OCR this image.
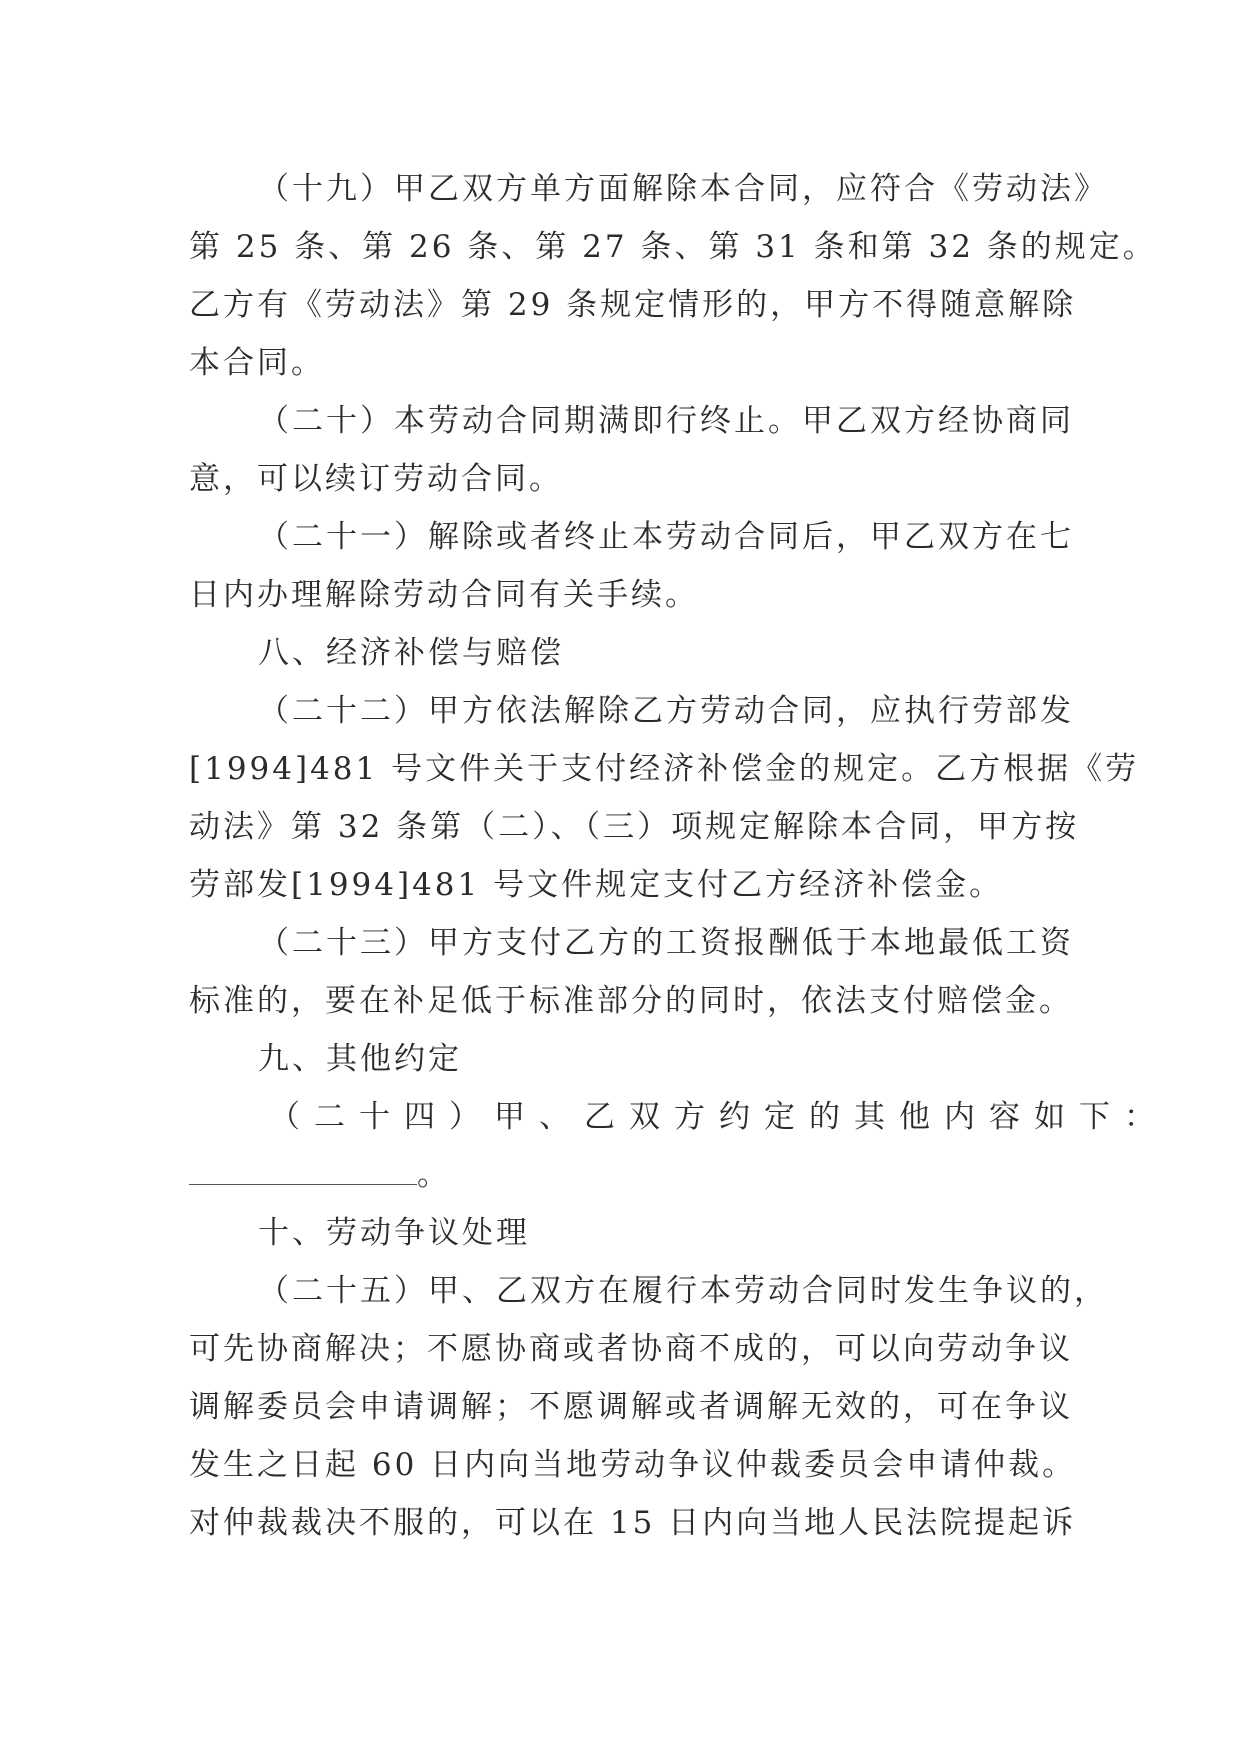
（十九）甲乙双方单方面解除本合同，应符合《劳动法》
第 25 条、第 26 条、第 27 条、第 31 条和第 32 条的规定。
乙方有《劳动法》第 29 条规定情形的，甲方不得随意解除
本合同。
（二十）本劳动合同期满即行终止。甲乙双方经协商同
意，可以续订劳动合同。
（二十一）解除或者终止本劳动合同后，甲乙双方在七
日内办理解除劳动合同有关手续。
八、经济补偿与赔偿
（二十二）甲方依法解除乙方劳动合同，应执行劳部发
[1994]481 号文件关于支付经济补偿金的规定。乙方根据《劳
动法》第 32 条第（二）、（三）项规定解除本合同，甲方按
劳部发[1994]481 号文件规定支付乙方经济补偿金。
（二十三）甲方支付乙方的工资报酬低于本地最低工资
标准的，要在补足低于标准部分的同时，依法支付赔偿金。
九、其他约定
（二十四）甲、乙双方约定的其他内容如下：
。
十、劳动争议处理
（二十五）甲、乙双方在履行本劳动合同时发生争议的，
可先协商解决；不愿协商或者协商不成的，可以向劳动争议
调解委员会申请调解；不愿调解或者调解无效的，可在争议
发生之日起 60 日内向当地劳动争议仲裁委员会申请仲裁。
对仲裁裁决不服的，可以在 15 日内向当地人民法院提起诉
